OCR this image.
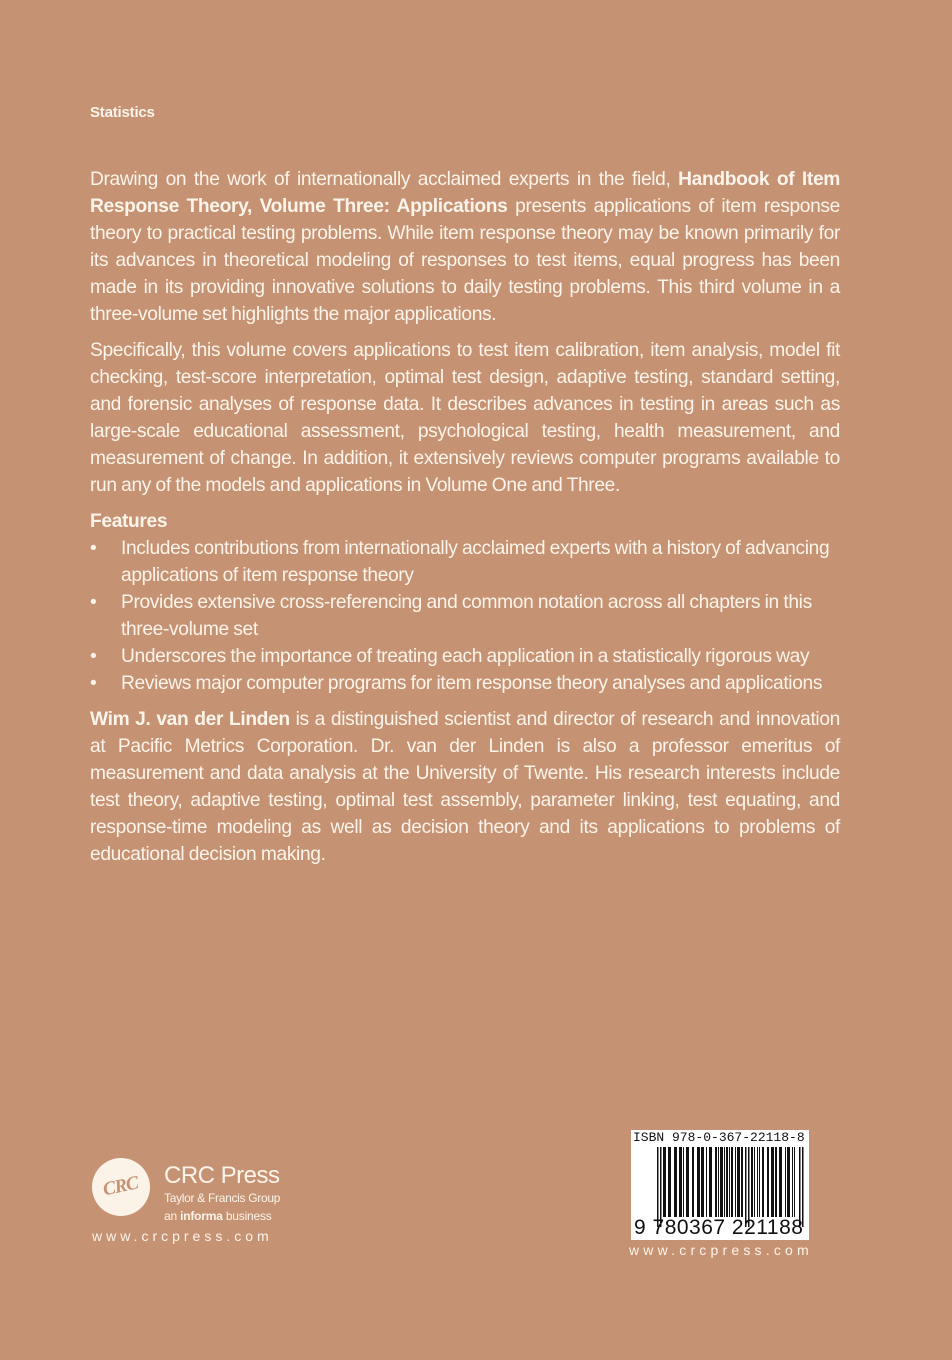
Statistics

Drawing on the work of internationally acclaimed experts in the field, Handbook of Item Response Theory, Volume Three: Applications presents applications of item response theory to practical testing problems. While item response theory may be known primarily for its advances in theoretical modeling of responses to test items, equal progress has been made in its providing innovative solutions to daily testing problems. This third volume in a three-volume set highlights the major applications.

Specifically, this volume covers applications to test item calibration, item analysis, model fit checking, test-score interpretation, optimal test design, adaptive testing, standard setting, and forensic analyses of response data. It describes advances in testing in areas such as large-scale educational assessment, psychological testing, health measurement, and measurement of change. In addition, it extensively reviews computer programs available to run any of the models and applications in Volume One and Three.

Features

• Includes contributions from internationally acclaimed experts with a history of advancing applications of item response theory
• Provides extensive cross-referencing and common notation across all chapters in this three-volume set
• Underscores the importance of treating each application in a statistically rigorous way
• Reviews major computer programs for item response theory analyses and applications

Wim J. van der Linden is a distinguished scientist and director of research and innovation at Pacific Metrics Corporation. Dr. van der Linden is also a professor emeritus of measurement and data analysis at the University of Twente. His research interests include test theory, adaptive testing, optimal test assembly, parameter linking, test equating, and response-time modeling as well as decision theory and its applications to problems of educational decision making.

CRC CRC Press
Taylor & Francis Group
an informa business
www.crcpress.com
ISBN 978-0-367-22118-8
9 780367 221188
www.crcpress.com
